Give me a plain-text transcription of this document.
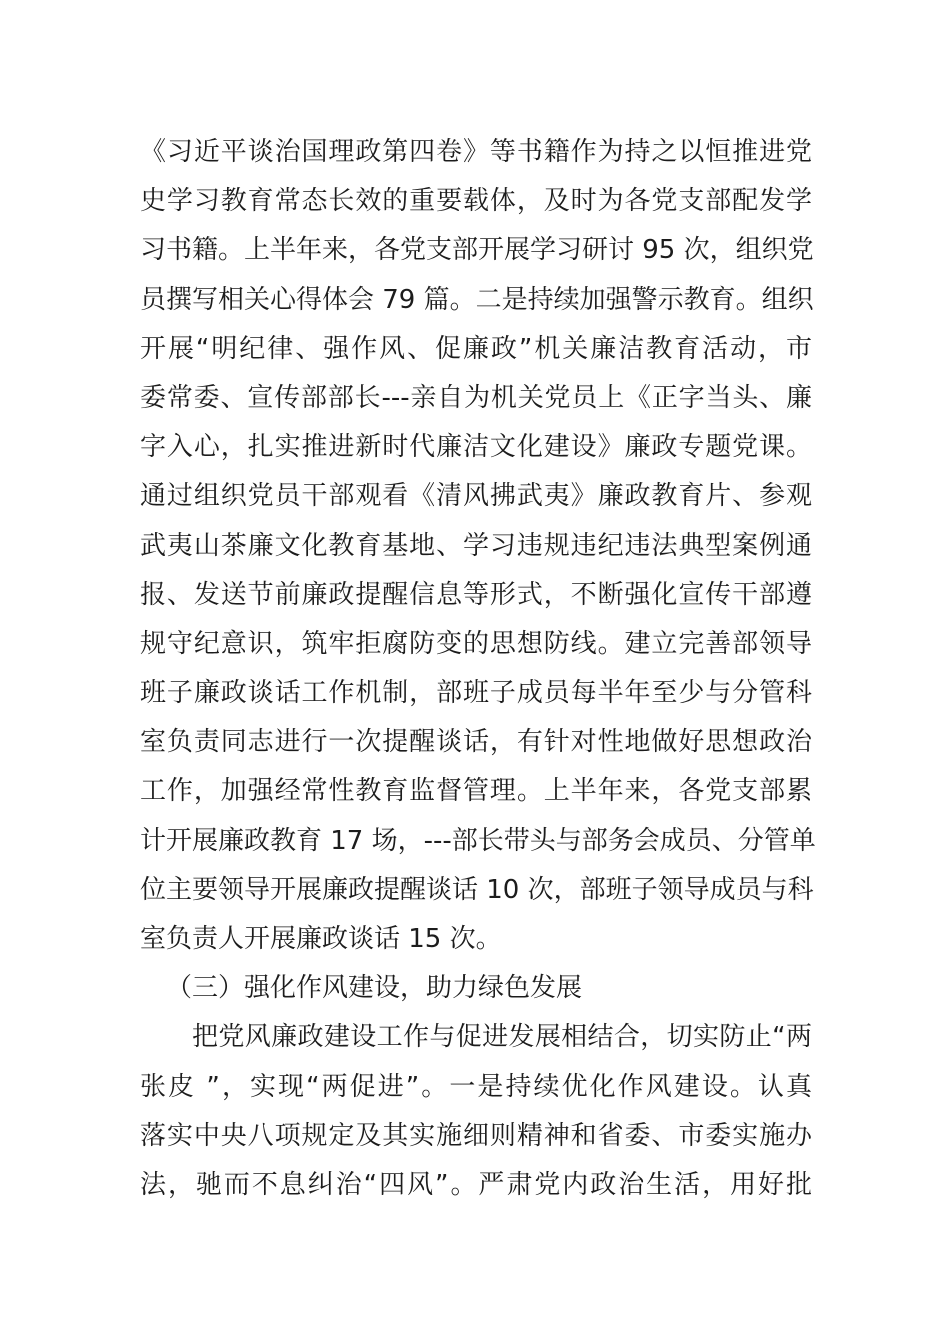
《习近平谈治国理政第四卷》等书籍作为持之以恒推进党
史学习教育常态长效的重要载体，及时为各党支部配发学
习书籍。上半年来，各党支部开展学习研讨 95 次，组织党
员撰写相关心得体会 79 篇。二是持续加强警示教育。组织
开展“明纪律、强作风、促廉政”机关廉洁教育活动，市
委常委、宣传部部长---亲自为机关党员上《正字当头、廉
字入心，扎实推进新时代廉洁文化建设》廉政专题党课。
通过组织党员干部观看《清风拂武夷》廉政教育片、参观
武夷山茶廉文化教育基地、学习违规违纪违法典型案例通
报、发送节前廉政提醒信息等形式，不断强化宣传干部遵
规守纪意识，筑牢拒腐防变的思想防线。建立完善部领导
班子廉政谈话工作机制，部班子成员每半年至少与分管科
室负责同志进行一次提醒谈话，有针对性地做好思想政治
工作，加强经常性教育监督管理。上半年来，各党支部累
计开展廉政教育 17 场，---部长带头与部务会成员、分管单
位主要领导开展廉政提醒谈话 10 次，部班子领导成员与科
室负责人开展廉政谈话 15 次。
（三）强化作风建设，助力绿色发展
把党风廉政建设工作与促进发展相结合，切实防止“两
张皮 ”，实现“两促进”。一是持续优化作风建设。认真
落实中央八项规定及其实施细则精神和省委、市委实施办
法，驰而不息纠治“四风”。严肃党内政治生活，用好批
